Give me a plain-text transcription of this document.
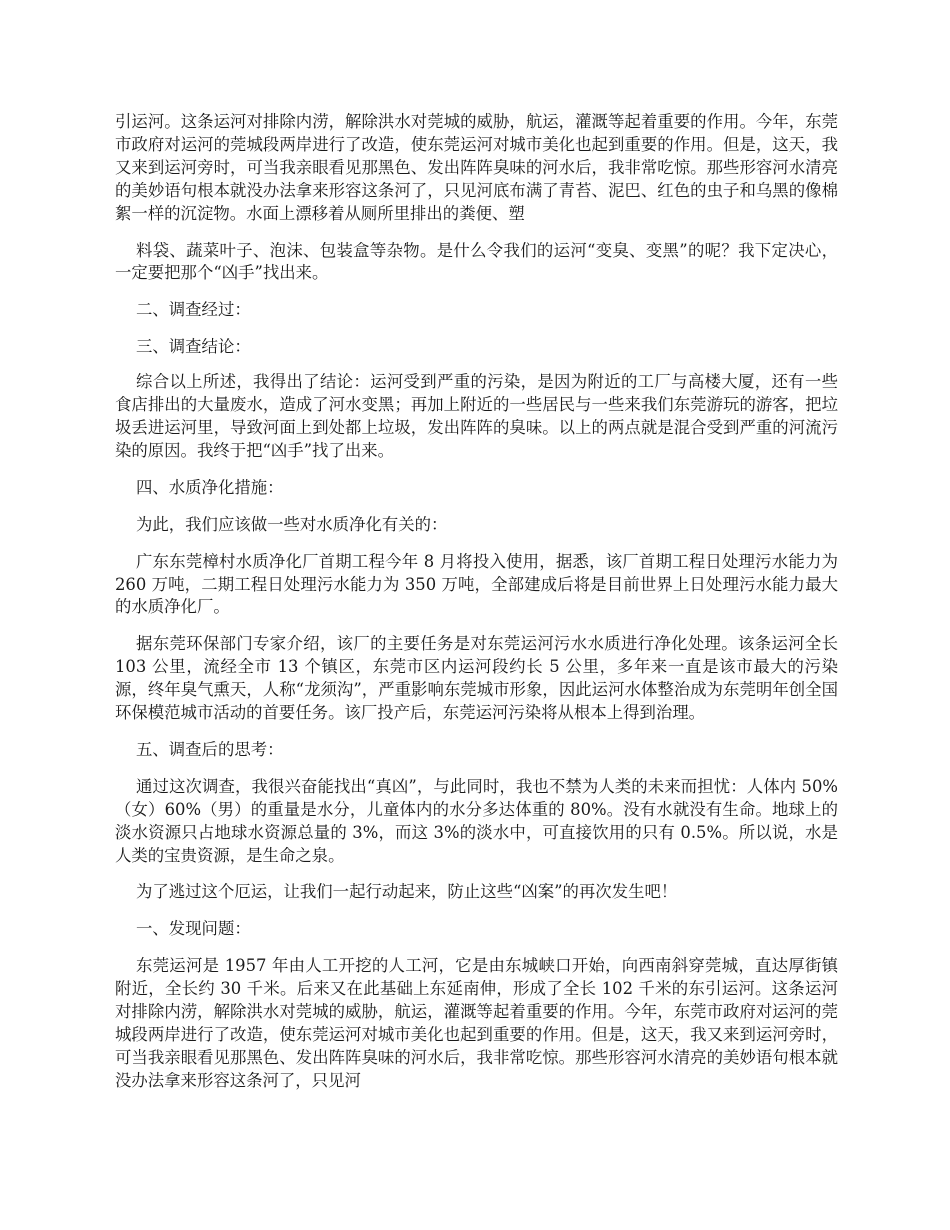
引运河。这条运河对排除内涝，解除洪水对莞城的威胁，航运，灌溉等起着重要的作用。今年，东莞市政府对运河的莞城段两岸进行了改造，使东莞运河对城市美化也起到重要的作用。但是，这天，我又来到运河旁时，可当我亲眼看见那黑色、发出阵阵臭味的河水后，我非常吃惊。那些形容河水清亮的美妙语句根本就没办法拿来形容这条河了，只见河底布满了青苔、泥巴、红色的虫子和乌黑的像棉絮一样的沉淀物。水面上漂移着从厕所里排出的粪便、塑

料袋、蔬菜叶子、泡沫、包装盒等杂物。是什么令我们的运河“变臭、变黑”的呢？我下定决心，一定要把那个“凶手”找出来。

二、调查经过：

三、调查结论：

综合以上所述，我得出了结论：运河受到严重的污染，是因为附近的工厂与高楼大厦，还有一些食店排出的大量废水，造成了河水变黑；再加上附近的一些居民与一些来我们东莞游玩的游客，把垃圾丢进运河里，导致河面上到处都上垃圾，发出阵阵的臭味。以上的两点就是混合受到严重的河流污染的原因。我终于把“凶手”找了出来。

四、水质净化措施：

为此，我们应该做一些对水质净化有关的：

广东东莞樟村水质净化厂首期工程今年 8 月将投入使用，据悉，该厂首期工程日处理污水能力为 260 万吨，二期工程日处理污水能力为 350 万吨，全部建成后将是目前世界上日处理污水能力最大的水质净化厂。

据东莞环保部门专家介绍，该厂的主要任务是对东莞运河污水水质进行净化处理。该条运河全长 103 公里，流经全市 13 个镇区，东莞市区内运河段约长 5 公里，多年来一直是该市最大的污染源，终年臭气熏天，人称“龙须沟”，严重影响东莞城市形象，因此运河水体整治成为东莞明年创全国环保模范城市活动的首要任务。该厂投产后，东莞运河污染将从根本上得到治理。

五、调查后的思考：

通过这次调查，我很兴奋能找出“真凶”，与此同时，我也不禁为人类的未来而担忧：人体内 50%（女）60%（男）的重量是水分，儿童体内的水分多达体重的 80%。没有水就没有生命。地球上的淡水资源只占地球水资源总量的 3%，而这 3%的淡水中，可直接饮用的只有 0.5%。所以说，水是人类的宝贵资源，是生命之泉。

为了逃过这个厄运，让我们一起行动起来，防止这些“凶案”的再次发生吧！

一、发现问题：

东莞运河是 1957 年由人工开挖的人工河，它是由东城峡口开始，向西南斜穿莞城，直达厚街镇附近，全长约 30 千米。后来又在此基础上东延南伸，形成了全长 102 千米的东引运河。这条运河对排除内涝，解除洪水对莞城的威胁，航运，灌溉等起着重要的作用。今年，东莞市政府对运河的莞城段两岸进行了改造，使东莞运河对城市美化也起到重要的作用。但是，这天，我又来到运河旁时，可当我亲眼看见那黑色、发出阵阵臭味的河水后，我非常吃惊。那些形容河水清亮的美妙语句根本就没办法拿来形容这条河了，只见河
